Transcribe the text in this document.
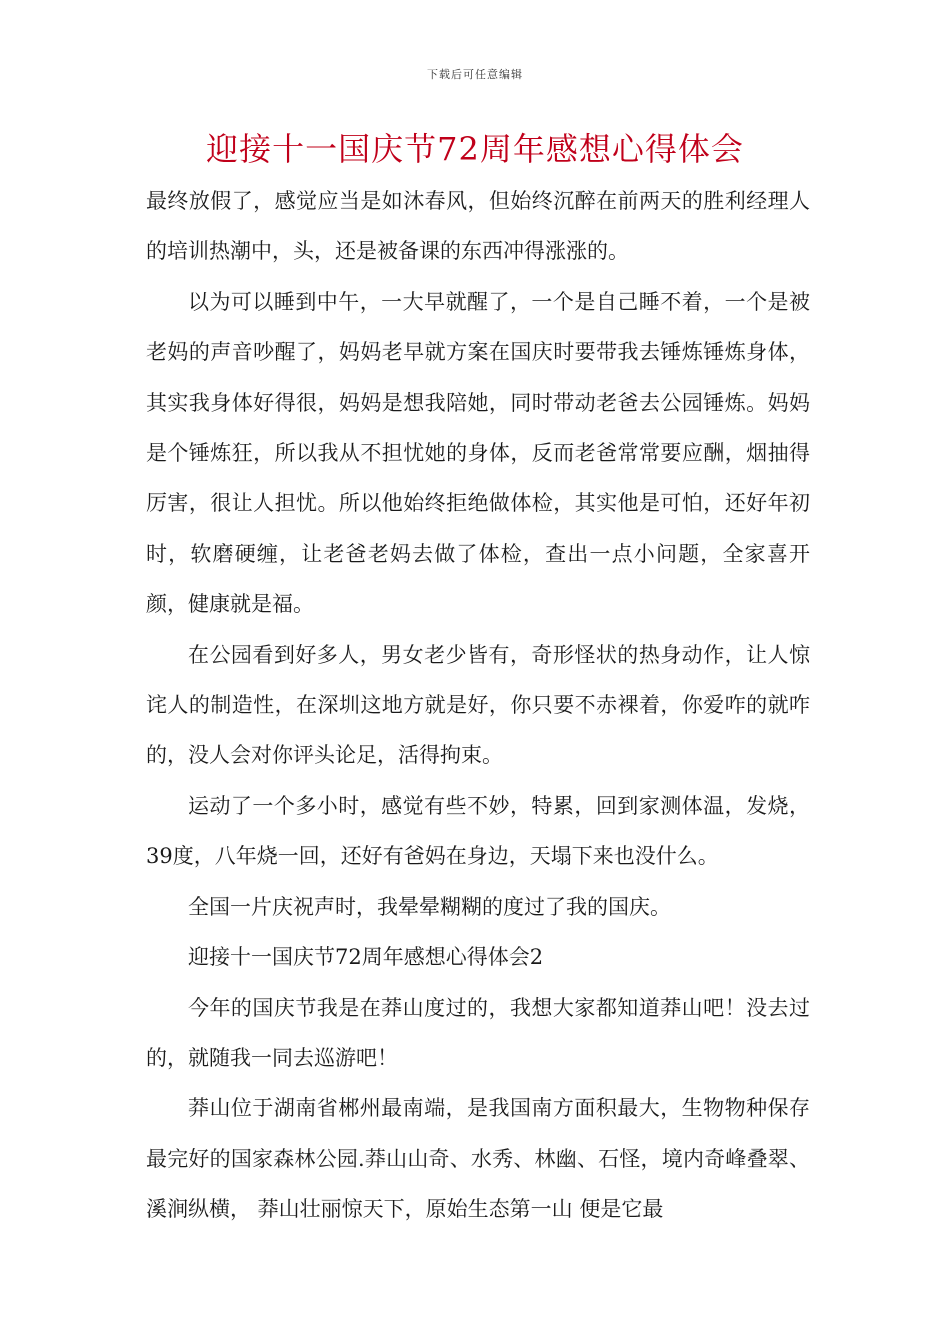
下载后可任意编辑
迎接十一国庆节72周年感想心得体会

最终放假了，感觉应当是如沐春风，但始终沉醉在前两天的胜利经理人的培训热潮中，头，还是被备课的东西冲得涨涨的。

以为可以睡到中午，一大早就醒了，一个是自己睡不着，一个是被老妈的声音吵醒了，妈妈老早就方案在国庆时要带我去锤炼锤炼身体，其实我身体好得很，妈妈是想我陪她，同时带动老爸去公园锤炼。妈妈是个锤炼狂，所以我从不担忧她的身体，反而老爸常常要应酬，烟抽得厉害，很让人担忧。所以他始终拒绝做体检，其实他是可怕，还好年初时，软磨硬缠，让老爸老妈去做了体检，查出一点小问题，全家喜开颜，健康就是福。

在公园看到好多人，男女老少皆有，奇形怪状的热身动作，让人惊诧人的制造性，在深圳这地方就是好，你只要不赤裸着，你爱咋的就咋的，没人会对你评头论足，活得拘束。

运动了一个多小时，感觉有些不妙，特累，回到家测体温，发烧，39度，八年烧一回，还好有爸妈在身边，天塌下来也没什么。

全国一片庆祝声时，我晕晕糊糊的度过了我的国庆。

迎接十一国庆节72周年感想心得体会2

今年的国庆节我是在莽山度过的，我想大家都知道莽山吧！没去过的，就随我一同去巡游吧！

莽山位于湖南省郴州最南端，是我国南方面积最大，生物物种保存最完好的国家森林公园.莽山山奇、水秀、林幽、石怪，境内奇峰叠翠、溪涧纵横， 莽山壮丽惊天下，原始生态第一山 便是它最
